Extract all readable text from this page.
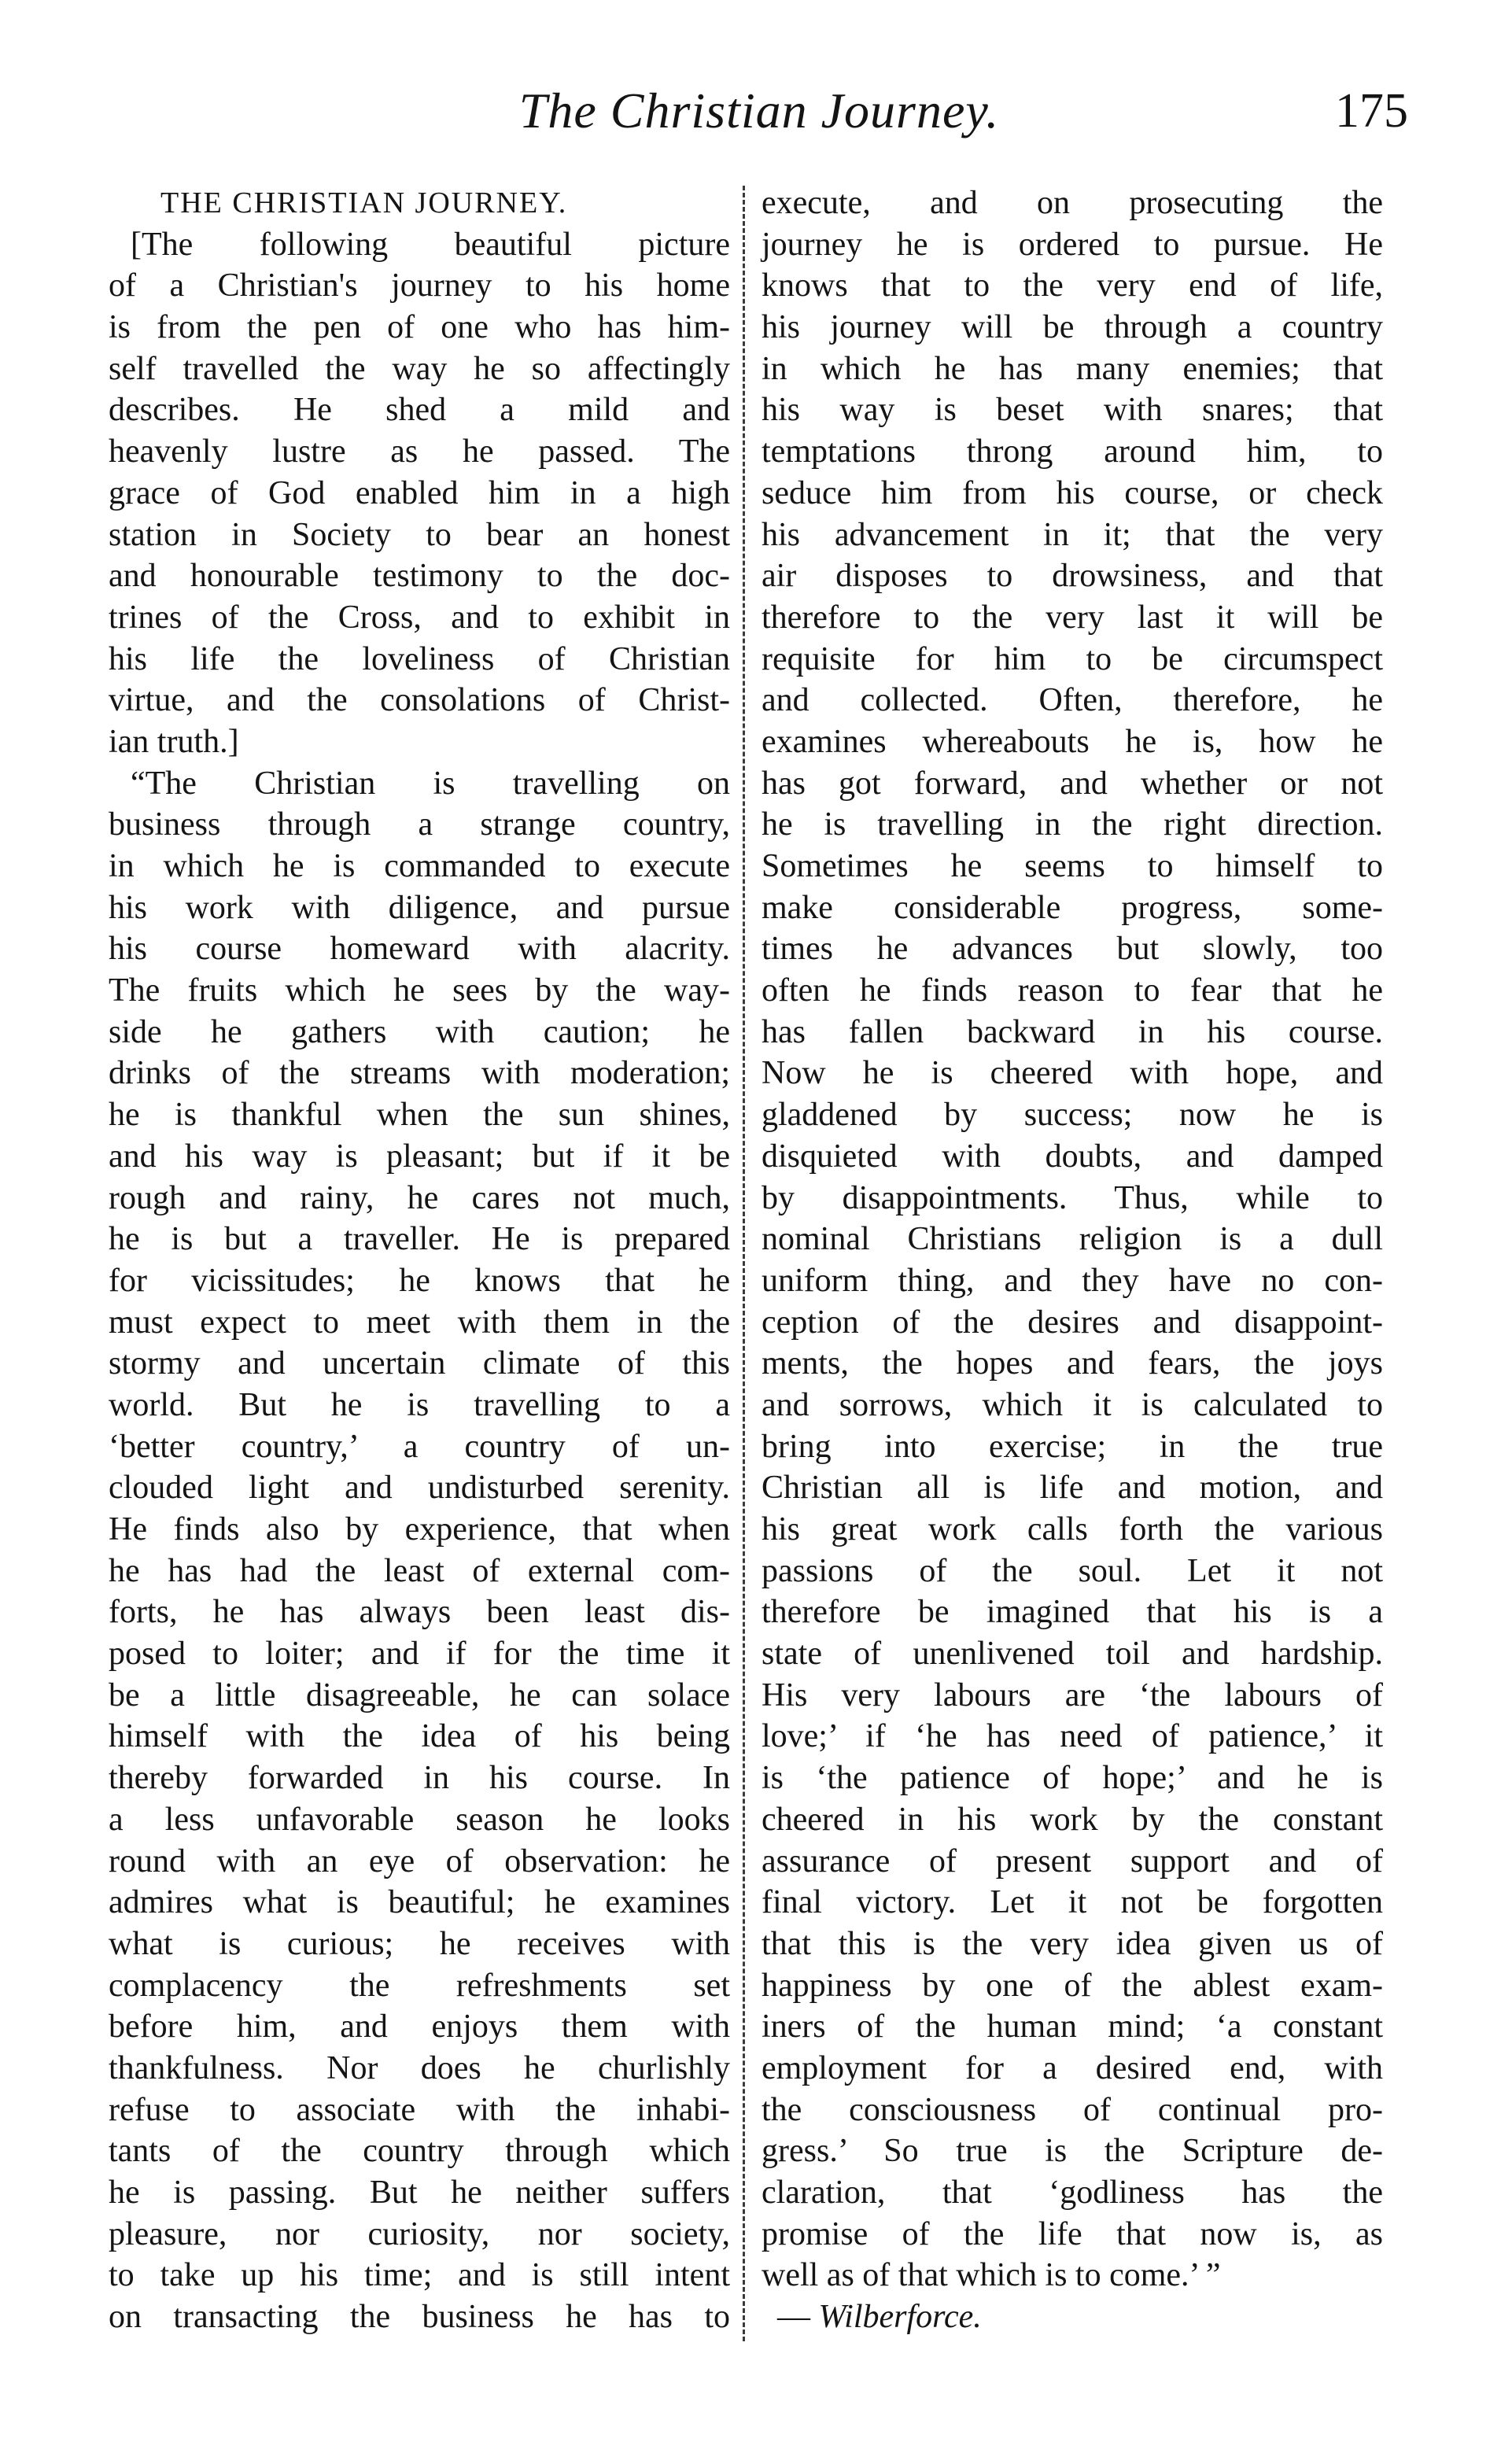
The Christian Journey.	175
THE CHRISTIAN JOURNEY.
[The following beautiful picture
of a Christian's journey to his home
is from the pen of one who has him-
self travelled the way he so affectingly
describes. He shed a mild and
heavenly lustre as he passed. The
grace of God enabled him in a high
station in Society to bear an honest
and honourable testimony to the doc-
trines of the Cross, and to exhibit in
his life the loveliness of Christian
virtue, and the consolations of Christ-
ian truth.]
“The Christian is travelling on
business through a strange country,
in which he is commanded to execute
his work with diligence, and pursue
his course homeward with alacrity.
The fruits which he sees by the way-
side he gathers with caution; he
drinks of the streams with moderation;
he is thankful when the sun shines,
and his way is pleasant; but if it be
rough and rainy, he cares not much,
he is but a traveller. He is prepared
for vicissitudes; he knows that he
must expect to meet with them in the
stormy and uncertain climate of this
world. But he is travelling to a
‘better country,’ a country of un-
clouded light and undisturbed serenity.
He finds also by experience, that when
he has had the least of external com-
forts, he has always been least dis-
posed to loiter; and if for the time it
be a little disagreeable, he can solace
himself with the idea of his being
thereby forwarded in his course. In
a less unfavorable season he looks
round with an eye of observation: he
admires what is beautiful; he examines
what is curious; he receives with
complacency the refreshments set
before him, and enjoys them with
thankfulness. Nor does he churlishly
refuse to associate with the inhabi-
tants of the country through which
he is passing. But he neither suffers
pleasure, nor curiosity, nor society,
to take up his time; and is still intent
on transacting the business he has to
execute, and on prosecuting the
journey he is ordered to pursue. He
knows that to the very end of life,
his journey will be through a country
in which he has many enemies; that
his way is beset with snares; that
temptations throng around him, to
seduce him from his course, or check
his advancement in it; that the very
air disposes to drowsiness, and that
therefore to the very last it will be
requisite for him to be circumspect
and collected. Often, therefore, he
examines whereabouts he is, how he
has got forward, and whether or not
he is travelling in the right direction.
Sometimes he seems to himself to
make considerable progress, some-
times he advances but slowly, too
often he finds reason to fear that he
has fallen backward in his course.
Now he is cheered with hope, and
gladdened by success; now he is
disquieted with doubts, and damped
by disappointments. Thus, while to
nominal Christians religion is a dull
uniform thing, and they have no con-
ception of the desires and disappoint-
ments, the hopes and fears, the joys
and sorrows, which it is calculated to
bring into exercise; in the true
Christian all is life and motion, and
his great work calls forth the various
passions of the soul. Let it not
therefore be imagined that his is a
state of unenlivened toil and hardship.
His very labours are ‘the labours of
love;’ if ‘he has need of patience,’ it
is ‘the patience of hope;’ and he is
cheered in his work by the constant
assurance of present support and of
final victory. Let it not be forgotten
that this is the very idea given us of
happiness by one of the ablest exam-
iners of the human mind; ‘a constant
employment for a desired end, with
the consciousness of continual pro-
gress.’ So true is the Scripture de-
claration, that ‘godliness has the
promise of the life that now is, as
well as of that which is to come.’ ”
— Wilberforce.
